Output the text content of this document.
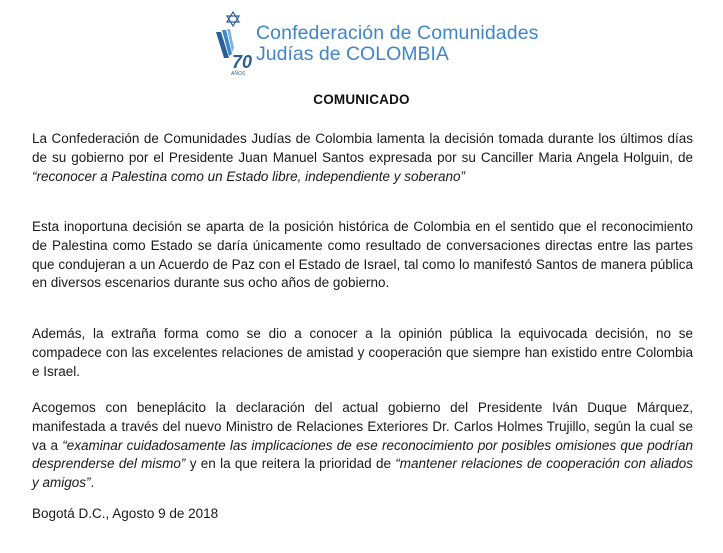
70
AÑOS
Confederación de Comunidades
Judías de COLOMBIA
COMUNICADO
La Confederación de Comunidades Judías de Colombia lamenta la decisión tomada durante los últimos días de su gobierno por el Presidente Juan Manuel Santos expresada por su Canciller Maria Angela Holguin, de “reconocer a Palestina como un Estado libre, independiente y soberano”
Esta inoportuna decisión se aparta de la posición histórica de Colombia en el sentido que el reconocimiento de Palestina como Estado se daría únicamente como resultado de conversaciones directas entre las partes que condujeran a un Acuerdo de Paz con el Estado de Israel, tal como lo manifestó Santos de manera pública en diversos escenarios durante sus ocho años de gobierno.
Además, la extraña forma como se dio a conocer a la opinión pública la equivocada decisión, no se compadece con las excelentes relaciones de amistad y cooperación que siempre han existido entre Colombia e Israel.
Acogemos con beneplácito la declaración del actual gobierno del Presidente Iván Duque Márquez, manifestada a través del nuevo Ministro de Relaciones Exteriores Dr. Carlos Holmes Trujillo, según la cual se va a “examinar cuidadosamente las implicaciones de ese reconocimiento por posibles omisiones que podrían desprenderse del mismo” y en la que reitera la prioridad de “mantener relaciones de cooperación con aliados y amigos”.
Bogotá D.C., Agosto 9 de 2018
